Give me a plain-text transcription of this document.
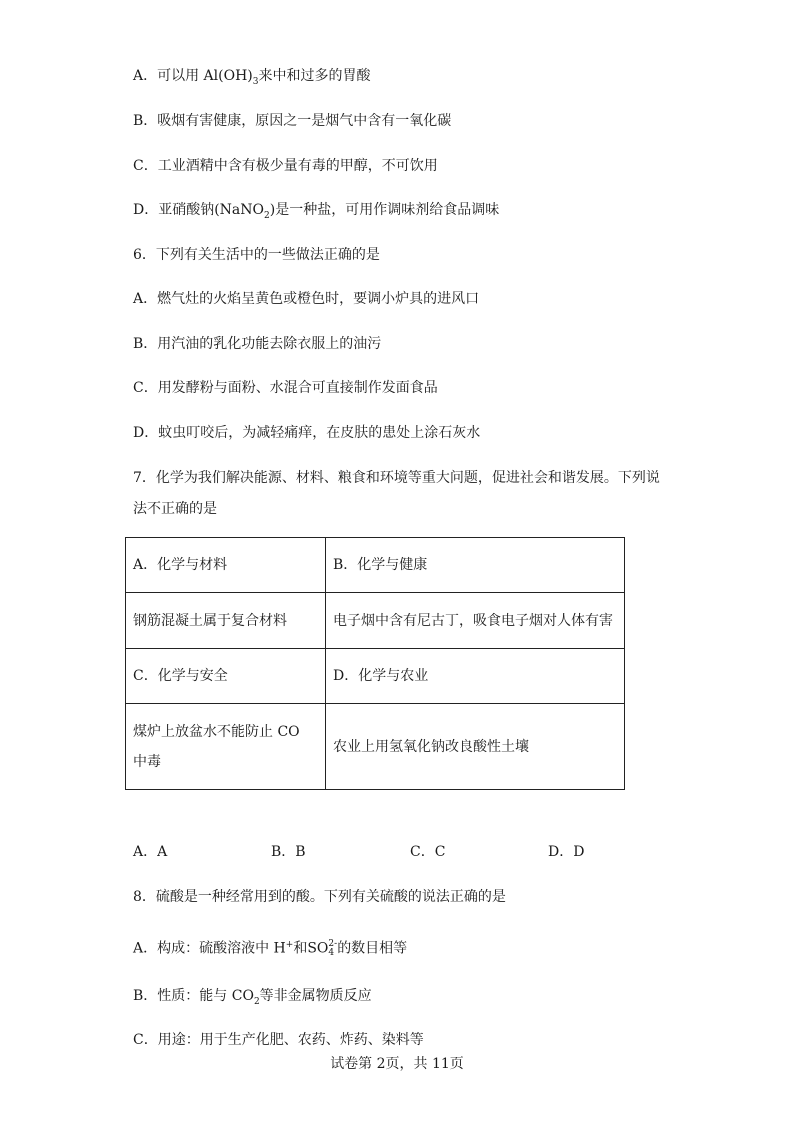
A．可以用 $Al(OH)_3$来中和过多的胃酸
B．吸烟有害健康，原因之一是烟气中含有一氧化碳
C．工业酒精中含有极少量有毒的甲醇，不可饮用
D．亚硝酸钠(NaNO$_2$)是一种盐，可用作调味剂给食品调味
6．下列有关生活中的一些做法正确的是
A．燃气灶的火焰呈黄色或橙色时，要调小炉具的进风口
B．用汽油的乳化功能去除衣服上的油污
C．用发酵粉与面粉、水混合可直接制作发面食品
D．蚊虫叮咬后，为减轻痛痒，在皮肤的患处上涂石灰水
7．化学为我们解决能源、材料、粮食和环境等重大问题，促进社会和谐发展。下列说
法不正确的是
A．化学与材料	B．化学与健康
钢筋混凝土属于复合材料	电子烟中含有尼古丁，吸食电子烟对人体有害
C．化学与安全	D．化学与农业
煤炉上放盆水不能防止 CO 中毒	农业上用氢氧化钠改良酸性土壤
A．A	B．B	C．C	D．D
8．硫酸是一种经常用到的酸。下列有关硫酸的说法正确的是
A．构成：硫酸溶液中 H+和SO 2-
4 的数目相等
B．性质：能与 $CO_2$等非金属物质反应
C．用途：用于生产化肥、农药、炸药、染料等
试卷第 2页，共 11页
